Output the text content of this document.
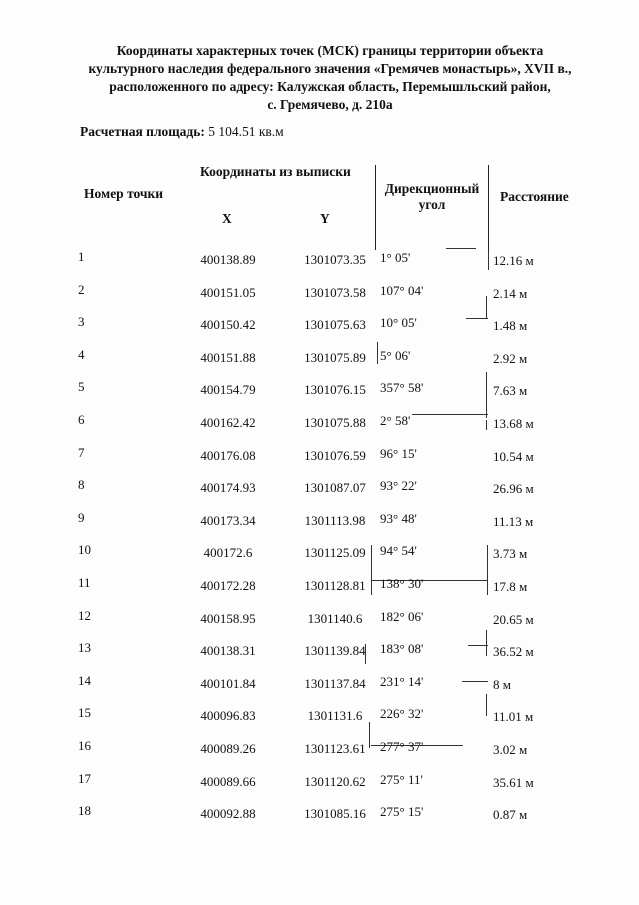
Координаты характерных точек (МСК) границы территории объекта
культурного наследия федерального значения «Гремячев монастырь», XVII в.,
расположенного по адресу: Калужская область, Перемышльский район,
с. Гремячево, д. 210а
Расчетная площадь: 5 104.51 кв.м
Номер точки
Координаты из выписки
X	Y
Дирекционный угол
Расстояние
1	400138.89	1301073.35	1° 05'	12.16 м
2	400151.05	1301073.58	107° 04'	2.14 м
3	400150.42	1301075.63	10° 05'	1.48 м
4	400151.88	1301075.89	5° 06'	2.92 м
5	400154.79	1301076.15	357° 58'	7.63 м
6	400162.42	1301075.88	2° 58'	13.68 м
7	400176.08	1301076.59	96° 15'	10.54 м
8	400174.93	1301087.07	93° 22'	26.96 м
9	400173.34	1301113.98	93° 48'	11.13 м
10	400172.6	1301125.09	94° 54'	3.73 м
11	400172.28	1301128.81	138° 30'	17.8 м
12	400158.95	1301140.6	182° 06'	20.65 м
13	400138.31	1301139.84	183° 08'	36.52 м
14	400101.84	1301137.84	231° 14'	8 м
15	400096.83	1301131.6	226° 32'	11.01 м
16	400089.26	1301123.61	277° 37'	3.02 м
17	400089.66	1301120.62	275° 11'	35.61 м
18	400092.88	1301085.16	275° 15'	0.87 м
